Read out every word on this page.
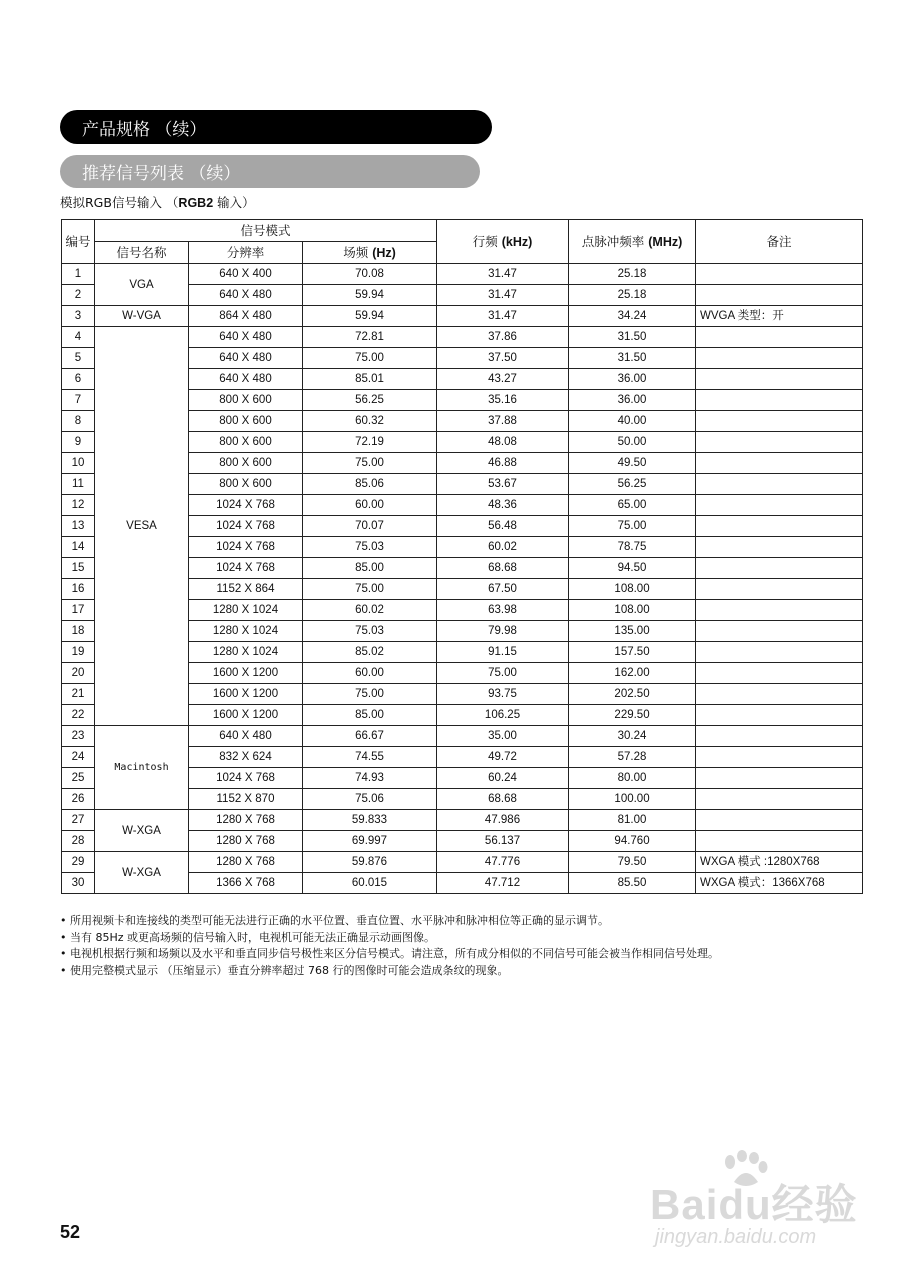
产品规格 （续）
推荐信号列表 （续）
模拟RGB信号输入 （RGB2 输入）
编号	信号模式			行频 (kHz)	点脉冲频率 (MHz)	备注
	信号名称	分辨率	场频 (Hz)			
1	VGA	640 X 400	70.08	31.47	25.18	
2		640 X 480	59.94	31.47	25.18	
3	W-VGA	864 X 480	59.94	31.47	34.24	WVGA 类型：开
4	VESA	640 X 480	72.81	37.86	31.50	
5		640 X 480	75.00	37.50	31.50	
6		640 X 480	85.01	43.27	36.00	
7		800 X 600	56.25	35.16	36.00	
8		800 X 600	60.32	37.88	40.00	
9		800 X 600	72.19	48.08	50.00	
10		800 X 600	75.00	46.88	49.50	
11		800 X 600	85.06	53.67	56.25	
12		1024 X 768	60.00	48.36	65.00	
13		1024 X 768	70.07	56.48	75.00	
14		1024 X 768	75.03	60.02	78.75	
15		1024 X 768	85.00	68.68	94.50	
16		1152 X 864	75.00	67.50	108.00	
17		1280 X 1024	60.02	63.98	108.00	
18		1280 X 1024	75.03	79.98	135.00	
19		1280 X 1024	85.02	91.15	157.50	
20		1600 X 1200	60.00	75.00	162.00	
21		1600 X 1200	75.00	93.75	202.50	
22		1600 X 1200	85.00	106.25	229.50	
23	Macintosh	640 X 480	66.67	35.00	30.24	
24		832 X 624	74.55	49.72	57.28	
25		1024 X 768	74.93	60.24	80.00	
26		1152 X 870	75.06	68.68	100.00	
27	W-XGA	1280 X 768	59.833	47.986	81.00	
28		1280 X 768	69.997	56.137	94.760	
29	W-XGA	1280 X 768	59.876	47.776	79.50	WXGA 模式 :1280X768
30		1366 X 768	60.015	47.712	85.50	WXGA 模式：1366X768
• 所用视频卡和连接线的类型可能无法进行正确的水平位置、垂直位置、水平脉冲和脉冲相位等正确的显示调节。
• 当有 85Hz 或更高场频的信号输入时，电视机可能无法正确显示动画图像。
• 电视机根据行频和场频以及水平和垂直同步信号极性来区分信号模式。请注意，所有成分相似的不同信号可能会被当作相同信号处理。
• 使用完整模式显示 （压缩显示）垂直分辨率超过 768 行的图像时可能会造成条纹的现象。
52
Baidu经验
jingyan.baidu.com
